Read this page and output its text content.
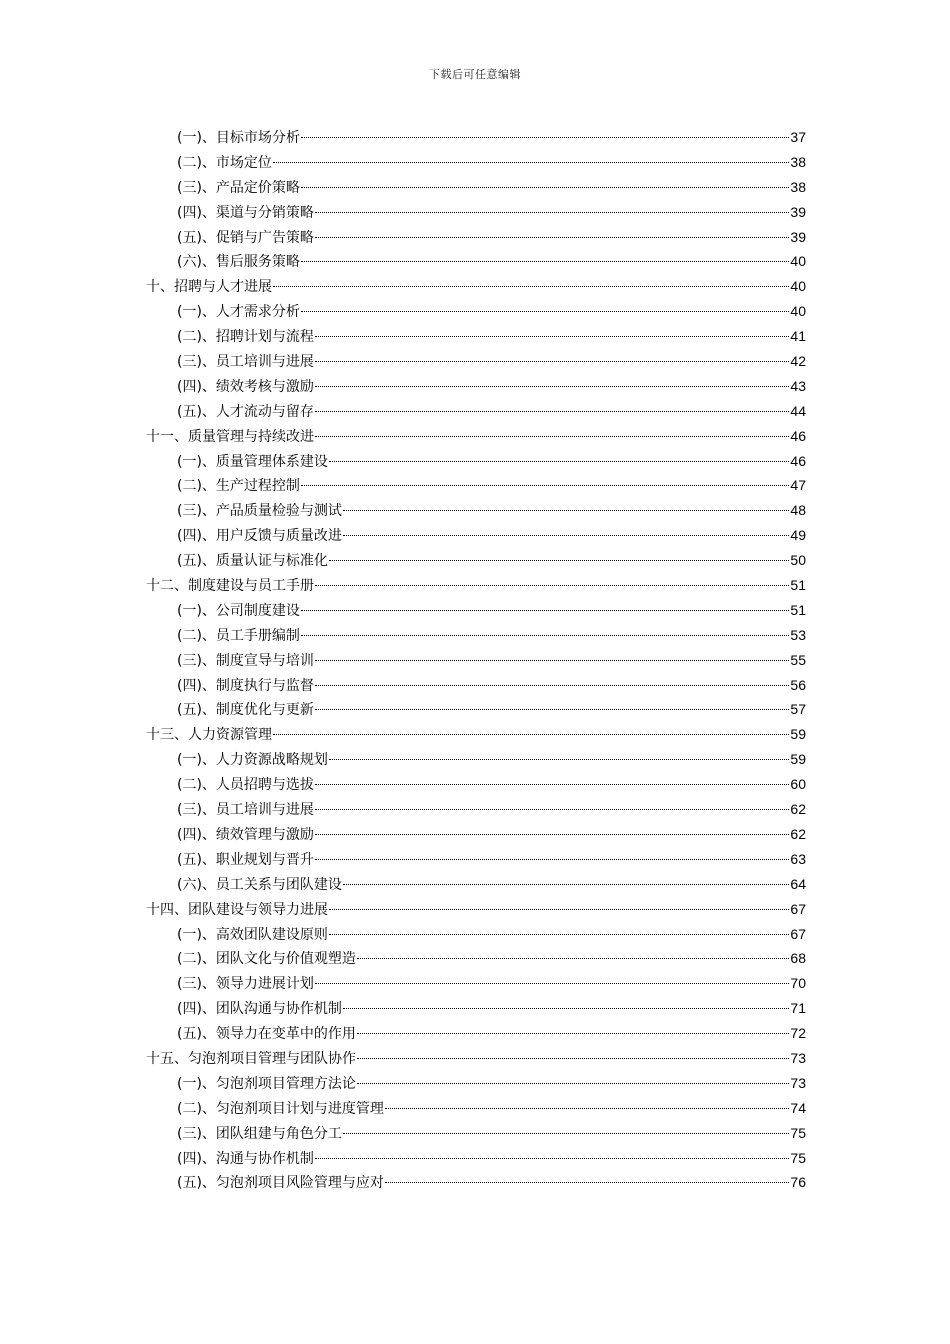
下载后可任意编辑
(一)、目标市场分析	37
(二)、市场定位	38
(三)、产品定价策略	38
(四)、渠道与分销策略	39
(五)、促销与广告策略	39
(六)、售后服务策略	40
十、招聘与人才进展	40
(一)、人才需求分析	40
(二)、招聘计划与流程	41
(三)、员工培训与进展	42
(四)、绩效考核与激励	43
(五)、人才流动与留存	44
十一、质量管理与持续改进	46
(一)、质量管理体系建设	46
(二)、生产过程控制	47
(三)、产品质量检验与测试	48
(四)、用户反馈与质量改进	49
(五)、质量认证与标准化	50
十二、制度建设与员工手册	51
(一)、公司制度建设	51
(二)、员工手册编制	53
(三)、制度宣导与培训	55
(四)、制度执行与监督	56
(五)、制度优化与更新	57
十三、人力资源管理	59
(一)、人力资源战略规划	59
(二)、人员招聘与选拔	60
(三)、员工培训与进展	62
(四)、绩效管理与激励	62
(五)、职业规划与晋升	63
(六)、员工关系与团队建设	64
十四、团队建设与领导力进展	67
(一)、高效团队建设原则	67
(二)、团队文化与价值观塑造	68
(三)、领导力进展计划	70
(四)、团队沟通与协作机制	71
(五)、领导力在变革中的作用	72
十五、匀泡剂项目管理与团队协作	73
(一)、匀泡剂项目管理方法论	73
(二)、匀泡剂项目计划与进度管理	74
(三)、团队组建与角色分工	75
(四)、沟通与协作机制	75
(五)、匀泡剂项目风险管理与应对	76
